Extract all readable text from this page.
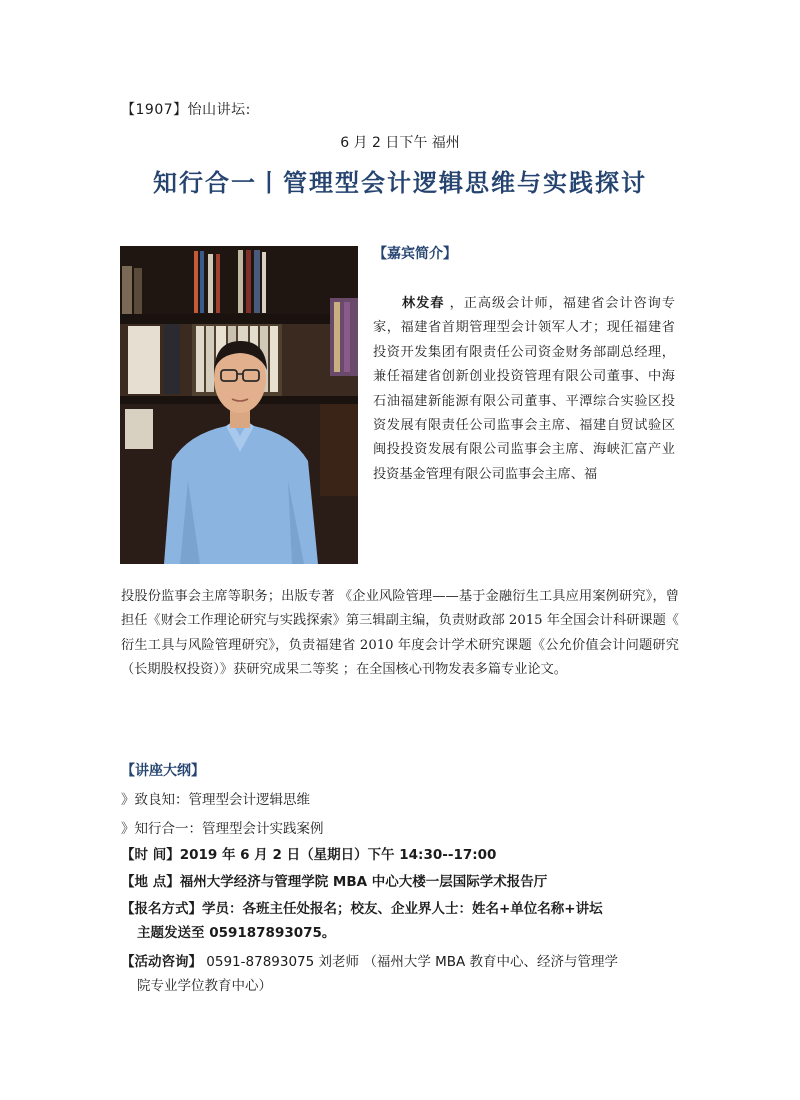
【1907】怡山讲坛:
6 月 2 日下午 福州
知行合一丨管理型会计逻辑思维与实践探讨
【嘉宾简介】

林发春 ，正高级会计师，福建省会计咨询专家，福建省首期管理型会计领军人才；现任福建省投资开发集团有限责任公司资金财务部副总经理，兼任福建省创新创业投资管理有限公司董事、中海石油福建新能源有限公司董事、平潭综合实验区投资发展有限责任公司监事会主席、福建自贸试验区闽投投资发展有限公司监事会主席、海峡汇富产业投资基金管理有限公司监事会主席、福

投股份监事会主席等职务；出版专著 《企业风险管理——基于金融衍生工具应用案例研究》，曾担任《财会工作理论研究与实践探索》第三辑副主编，负责财政部 2015 年全国会计科研课题《 衍生工具与风险管理研究》，负责福建省 2010 年度会计学术研究课题《公允价值会计问题研究（长期股权投资）》获研究成果二等奖 ；在全国核心刊物发表多篇专业论文。

【讲座大纲】
》致良知：管理型会计逻辑思维
》知行合一：管理型会计实践案例
【时 间】2019 年 6 月 2 日（星期日）下午 14:30--17:00
【地 点】福州大学经济与管理学院 MBA 中心大楼一层国际学术报告厅
【报名方式】学员：各班主任处报名；校友、企业界人士：姓名+单位名称+讲坛
主题发送至 059187893075。
【活动咨询】 0591-87893075 刘老师 （福州大学 MBA 教育中心、经济与管理学
院专业学位教育中心）
